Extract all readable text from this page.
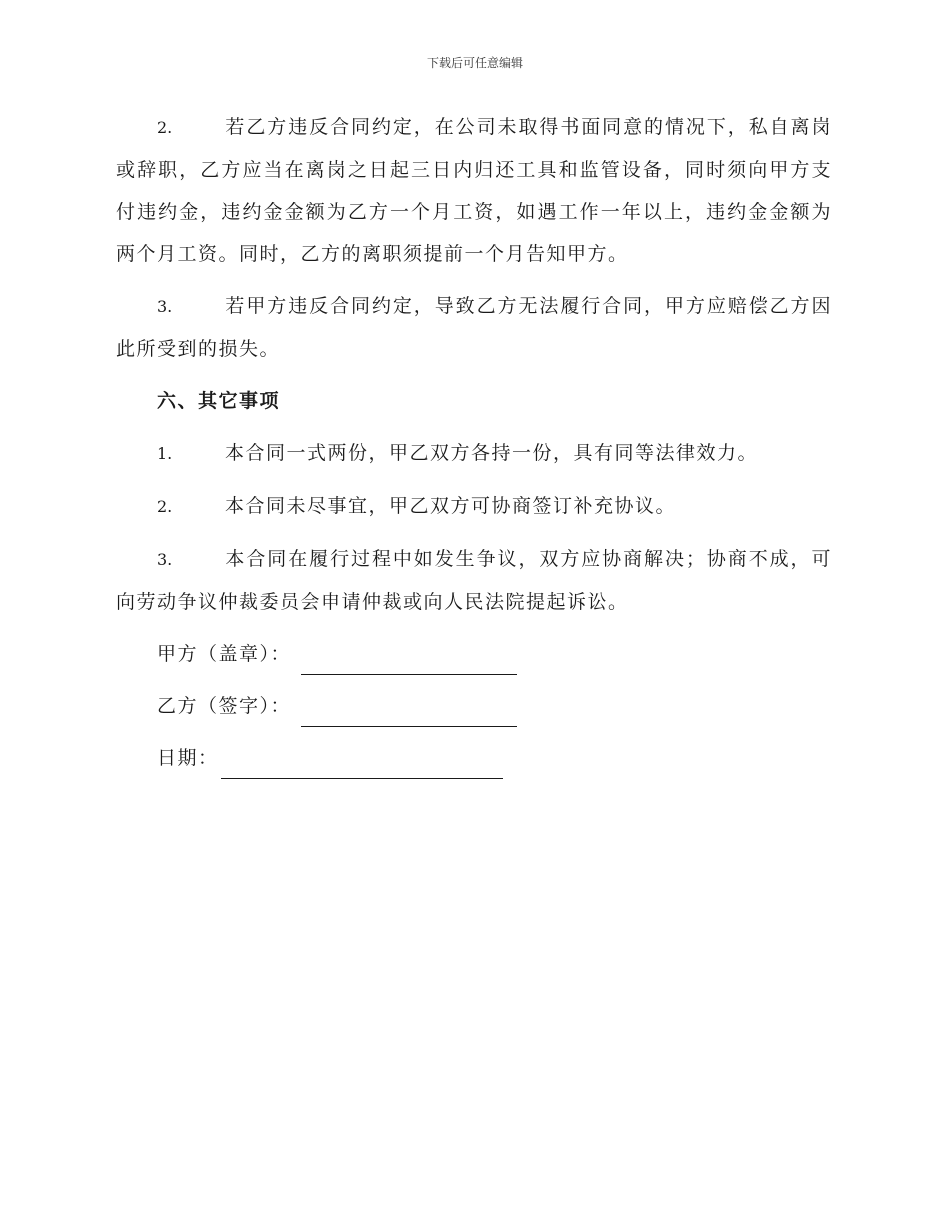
下载后可任意编辑

2.	若乙方违反合同约定，在公司未取得书面同意的情况下，私自离岗或辞职，乙方应当在离岗之日起三日内归还工具和监管设备，同时须向甲方支付违约金，违约金金额为乙方一个月工资，如遇工作一年以上，违约金金额为两个月工资。同时，乙方的离职须提前一个月告知甲方。

3.	若甲方违反合同约定，导致乙方无法履行合同，甲方应赔偿乙方因此所受到的损失。

六、其它事项

1.	本合同一式两份，甲乙双方各持一份，具有同等法律效力。

2.	本合同未尽事宜，甲乙双方可协商签订补充协议。

3.	本合同在履行过程中如发生争议，双方应协商解决；协商不成，可向劳动争议仲裁委员会申请仲裁或向人民法院提起诉讼。

甲方（盖章）：
乙方（签字）：
日期：
